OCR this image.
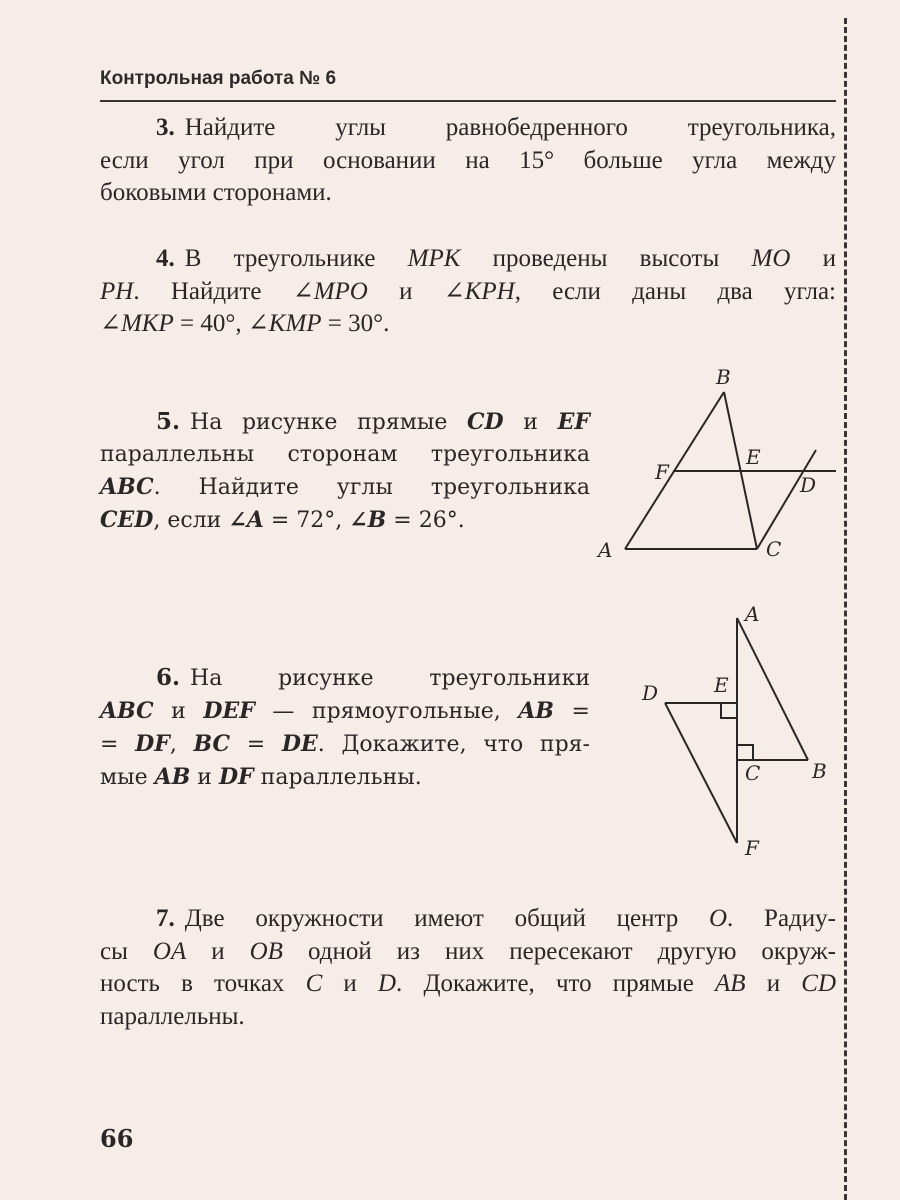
Контрольная работа № 6
3. Найдите углы равнобедренного треугольника,
если угол при основании на 15° больше угла между
боковыми сторонами.
4. В треугольнике MPK проведены высоты MO и
PH. Найдите ∠MPO и ∠KPH, если даны два угла:
∠MKP = 40°, ∠KMP = 30°.
5. На рисунке прямые CD и EF
параллельны сторонам треугольника
ABC. Найдите углы треугольника
CED, если ∠A = 72°, ∠B = 26°.
B
A	C
F
E
D
6. На рисунке треугольники
ABC и DEF — прямоугольные, AB =
= DF, BC = DE. Докажите, что пря-
мые AB и DF параллельны.
A
E
D
C	B
F
7. Две окружности имеют общий центр O. Радиу-
сы OA и OB одной из них пересекают другую окруж-
ность в точках C и D. Докажите, что прямые AB и CD
параллельны.
66
